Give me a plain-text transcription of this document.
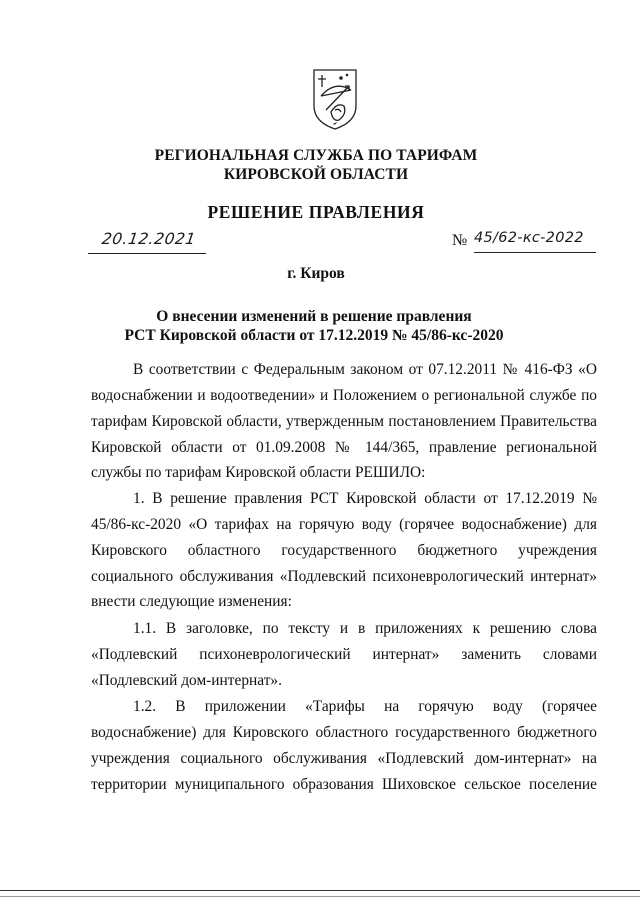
РЕГИОНАЛЬНАЯ СЛУЖБА ПО ТАРИФАМ
КИРОВСКОЙ ОБЛАСТИ
РЕШЕНИЕ ПРАВЛЕНИЯ
20.12.2021	№ 45/62-кс-2022
г. Киров
О внесении изменений в решение правления
РСТ Кировской области от 17.12.2019 № 45/86-кс-2020
В соответствии с Федеральным законом от 07.12.2011 № 416-ФЗ «О
водоснабжении и водоотведении» и Положением о региональной службе по
тарифам Кировской области, утвержденным постановлением Правительства
Кировской области от 01.09.2008 № 144/365, правление региональной
службы по тарифам Кировской области РЕШИЛО:
1. В решение правления РСТ Кировской области от 17.12.2019 №
45/86-кс-2020 «О тарифах на горячую воду (горячее водоснабжение) для
Кировского областного государственного бюджетного учреждения
социального обслуживания «Подлевский психоневрологический интернат»
внести следующие изменения:
1.1. В заголовке, по тексту и в приложениях к решению слова
«Подлевский психоневрологический интернат» заменить словами
«Подлевский дом-интернат».
1.2. В приложении «Тарифы на горячую воду (горячее
водоснабжение) для Кировского областного государственного бюджетного
учреждения социального обслуживания «Подлевский дом-интернат» на
территории муниципального образования Шиховское сельское поселение
